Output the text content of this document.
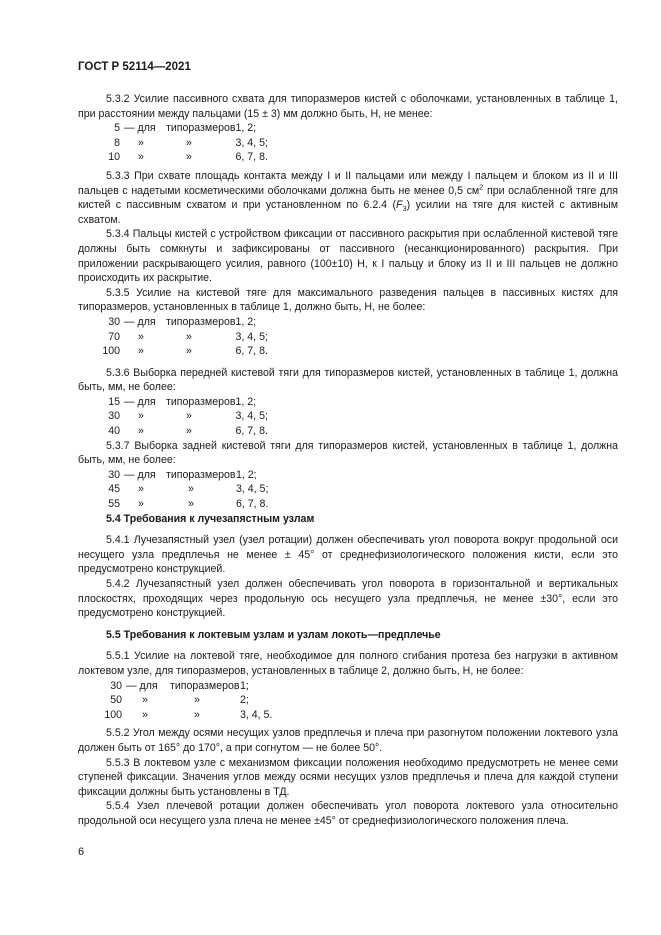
ГОСТ Р 52114—2021

5.3.2 Усилие пассивного схвата для типоразмеров кистей с оболочками, установленных в таблице 1, при расстоянии между пальцами (15 ± 3) мм должно быть, Н, не менее:

5	— для	типоразмеров	1, 2;
8	»	»	3, 4, 5;
10	»	»	6, 7, 8.

5.3.3 При схвате площадь контакта между I и II пальцами или между I пальцем и блоком из II и III пальцев с надетыми косметическими оболочками должна быть не менее 0,5 $см^2$ при ослабленной тяге для кистей с пассивным схватом и при установленном по 6.2.4 $(F_3)$ усилии на тяге для кистей с активным схватом.

5.3.4 Пальцы кистей с устройством фиксации от пассивного раскрытия при ослабленной кистевой тяге должны быть сомкнуты и зафиксированы от пассивного (несанкционированного) раскрытия. При приложении раскрывающего усилия, равного (100±10) Н, к I пальцу и блоку из II и III пальцев не должно происходить их раскрытие.

5.3.5 Усилие на кистевой тяге для максимального разведения пальцев в пассивных кистях для типоразмеров, установленных в таблице 1, должно быть, Н, не более:

30	— для	типоразмеров	1, 2;
70	»	»	3, 4, 5;
100	»	»	6, 7, 8.

5.3.6 Выборка передней кистевой тяги для типоразмеров кистей, установленных в таблице 1, должна быть, мм, не более:

15	— для	типоразмеров	1, 2;
30	»	»	3, 4, 5;
40	»	»	6, 7, 8.

5.3.7 Выборка задней кистевой тяги для типоразмеров кистей, установленных в таблице 1, должна быть, мм, не более:

30	— для	типоразмеров	1, 2;
45	»	»	3, 4, 5;
55	»	»	6, 7, 8.
5.4 Требования к лучезапястным узлам

5.4.1 Лучезапястный узел (узел ротации) должен обеспечивать угол поворота вокруг продольной оси несущего узла предплечья не менее ± 45° от среднефизиологического положения кисти, если это предусмотрено конструкцией.

5.4.2 Лучезапястный узел должен обеспечивать угол поворота в горизонтальной и вертикальных плоскостях, проходящих через продольную ось несущего узла предплечья, не менее ±30°, если это предусмотрено конструкцией.

5.5 Требования к локтевым узлам и узлам локоть—предплечье

5.5.1 Усилие на локтевой тяге, необходимое для полного сгибания протеза без нагрузки в активном локтевом узле, для типоразмеров, установленных в таблице 2, должно быть, Н, не более:

30	— для	типоразмеров	1;
50	»	»	2;
100	»	»	3, 4, 5.

5.5.2 Угол между осями несущих узлов предплечья и плеча при разогнутом положении локтевого узла должен быть от 165° до 170°, а при согнутом — не более 50°.

5.5.3 В локтевом узле с механизмом фиксации положения необходимо предусмотреть не менее семи ступеней фиксации. Значения углов между осями несущих узлов предплечья и плеча для каждой ступени фиксации должны быть установлены в ТД.

5.5.4 Узел плечевой ротации должен обеспечивать угол поворота локтевого узла относительно продольной оси несущего узла плеча не менее ±45° от среднефизиологического положения плеча.

6
